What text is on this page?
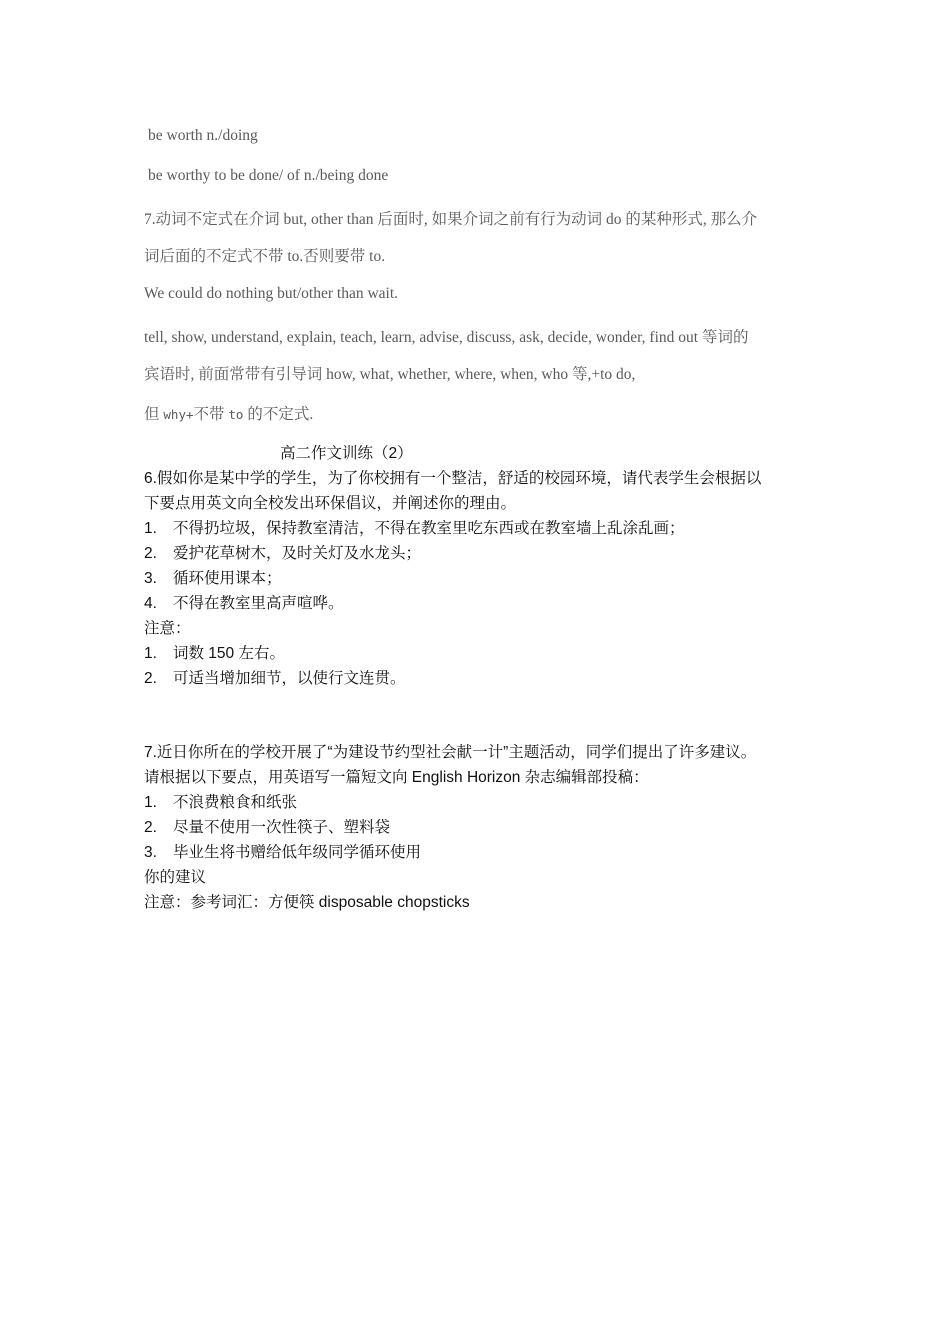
be worth n./doing
be worthy to be done/ of n./being done
7.动词不定式在介词 but, other than 后面时, 如果介词之前有行为动词 do 的某种形式, 那么介
词后面的不定式不带 to.否则要带 to.
We could do nothing but/other than wait.
tell, show, understand, explain, teach, learn, advise, discuss, ask, decide, wonder, find out 等词的
宾语时, 前面常带有引导词 how, what, whether, where, when, who 等,+to do,
但 why+不带 to 的不定式.
高二作文训练（2）
6.假如你是某中学的学生，为了你校拥有一个整洁，舒适的校园环境，请代表学生会根据以
下要点用英文向全校发出环保倡议，并阐述你的理由。
1. 不得扔垃圾，保持教室清洁，不得在教室里吃东西或在教室墙上乱涂乱画；
2. 爱护花草树木，及时关灯及水龙头；
3. 循环使用课本；
4. 不得在教室里高声喧哗。
注意：
1. 词数 150 左右。
2. 可适当增加细节，以使行文连贯。
7.近日你所在的学校开展了“为建设节约型社会献一计”主题活动，同学们提出了许多建议。
请根据以下要点，用英语写一篇短文向 English Horizon 杂志编辑部投稿：
1. 不浪费粮食和纸张
2. 尽量不使用一次性筷子、塑料袋
3. 毕业生将书赠给低年级同学循环使用
你的建议
注意：参考词汇：方便筷 disposable chopsticks
